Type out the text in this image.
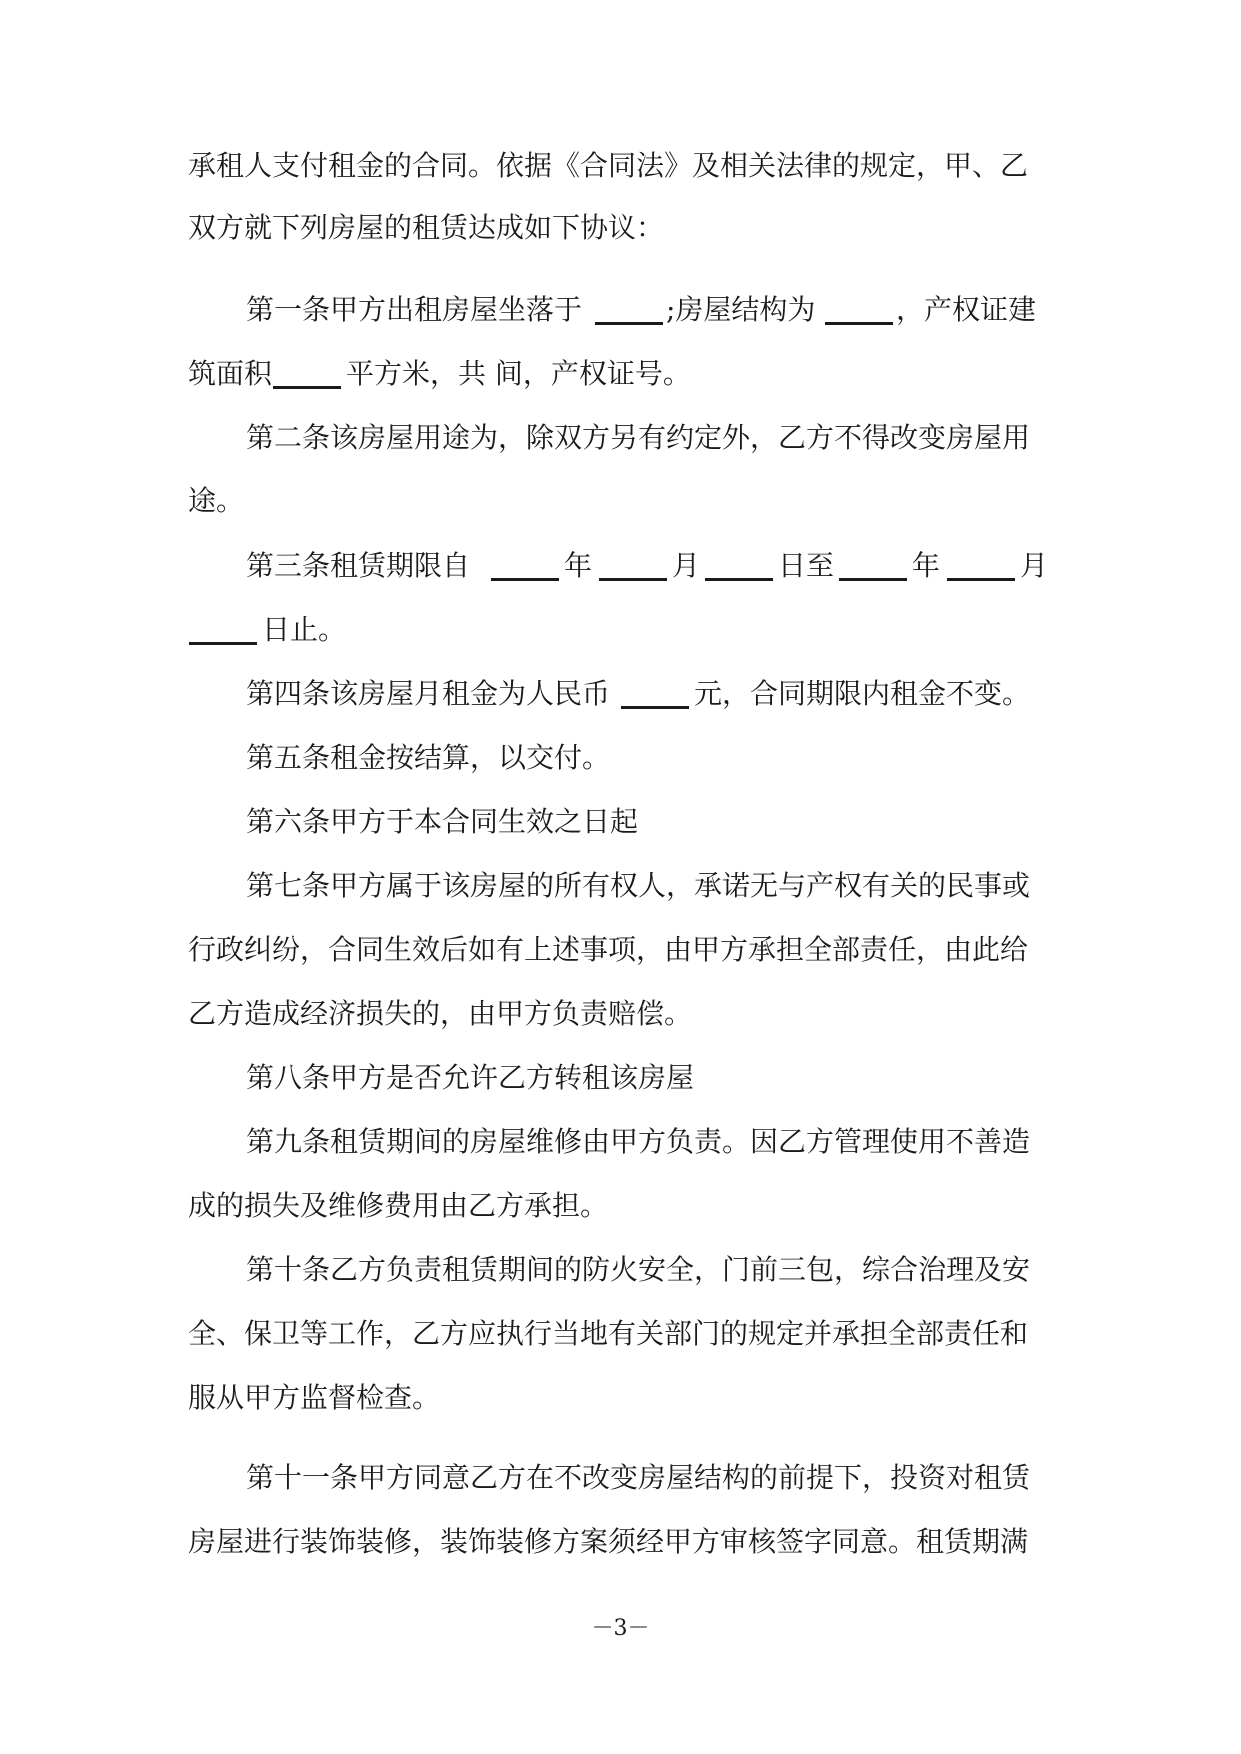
承租人支付租金的合同。依据《合同法》及相关法律的规定，甲、乙
双方就下列房屋的租赁达成如下协议：
第一条甲方出租房屋坐落于	;房屋结构为	，产权证建
筑面积	平方米，共 间，产权证号。
第二条该房屋用途为，除双方另有约定外，乙方不得改变房屋用
途。
第三条租赁期限自	年	月	日至	年	月
日止。
第四条该房屋月租金为人民币	元，合同期限内租金不变。
第五条租金按结算，以交付。
第六条甲方于本合同生效之日起
第七条甲方属于该房屋的所有权人，承诺无与产权有关的民事或
行政纠纷，合同生效后如有上述事项，由甲方承担全部责任，由此给
乙方造成经济损失的，由甲方负责赔偿。
第八条甲方是否允许乙方转租该房屋
第九条租赁期间的房屋维修由甲方负责。因乙方管理使用不善造
成的损失及维修费用由乙方承担。
第十条乙方负责租赁期间的防火安全，门前三包，综合治理及安
全、保卫等工作，乙方应执行当地有关部门的规定并承担全部责任和
服从甲方监督检查。
第十一条甲方同意乙方在不改变房屋结构的前提下，投资对租赁
房屋进行装饰装修，装饰装修方案须经甲方审核签字同意。租赁期满
－3－
